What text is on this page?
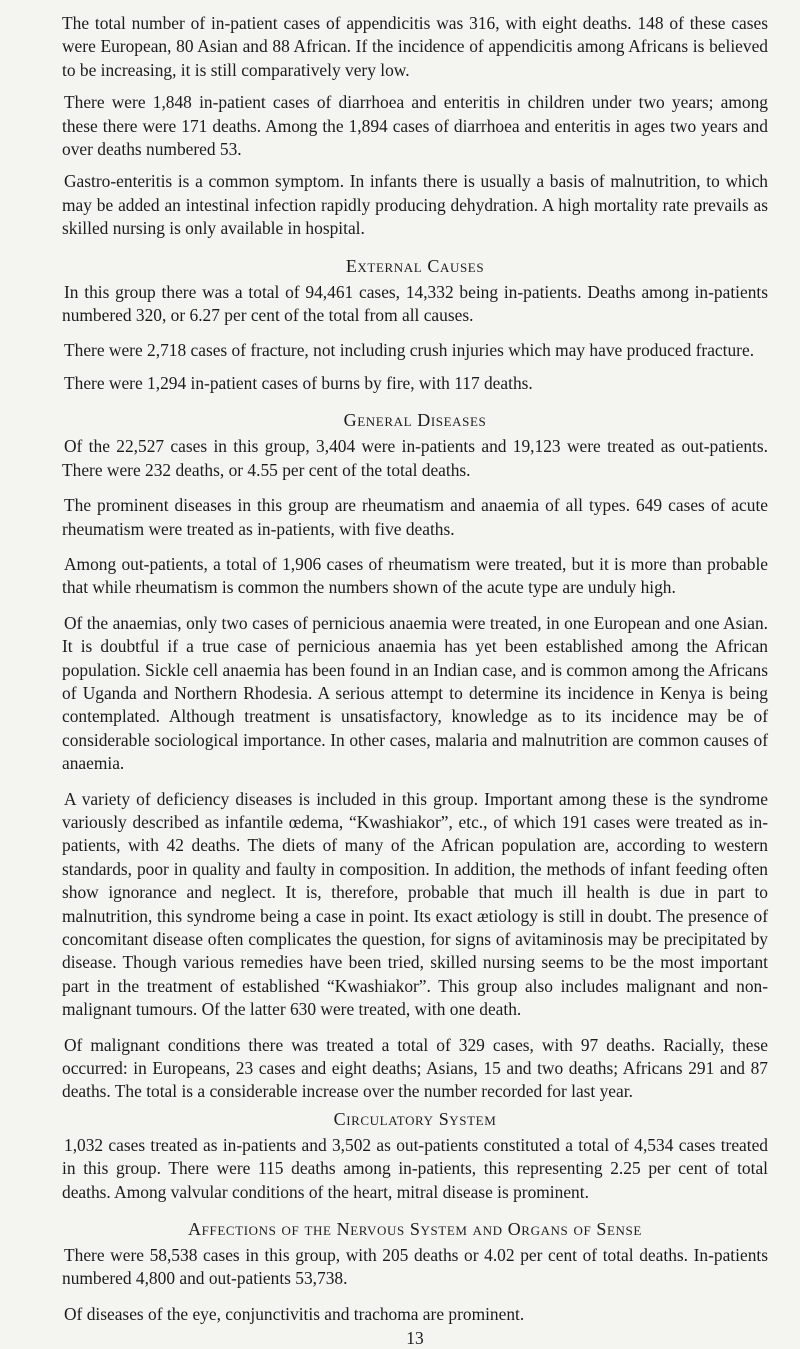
The total number of in-patient cases of appendicitis was 316, with eight deaths. 148 of these cases were European, 80 Asian and 88 African. If the incidence of appendicitis among Africans is believed to be increasing, it is still comparatively very low.

There were 1,848 in-patient cases of diarrhoea and enteritis in children under two years; among these there were 171 deaths. Among the 1,894 cases of diarrhoea and enteritis in ages two years and over deaths numbered 53.

Gastro-enteritis is a common symptom. In infants there is usually a basis of malnutrition, to which may be added an intestinal infection rapidly producing dehydration. A high mortality rate prevails as skilled nursing is only available in hospital.

External Causes

In this group there was a total of 94,461 cases, 14,332 being in-patients. Deaths among in-patients numbered 320, or 6.27 per cent of the total from all causes.

There were 2,718 cases of fracture, not including crush injuries which may have produced fracture.

There were 1,294 in-patient cases of burns by fire, with 117 deaths.

General Diseases

Of the 22,527 cases in this group, 3,404 were in-patients and 19,123 were treated as out-patients. There were 232 deaths, or 4.55 per cent of the total deaths.

The prominent diseases in this group are rheumatism and anaemia of all types. 649 cases of acute rheumatism were treated as in-patients, with five deaths.

Among out-patients, a total of 1,906 cases of rheumatism were treated, but it is more than probable that while rheumatism is common the numbers shown of the acute type are unduly high.

Of the anaemias, only two cases of pernicious anaemia were treated, in one European and one Asian. It is doubtful if a true case of pernicious anaemia has yet been established among the African population. Sickle cell anaemia has been found in an Indian case, and is common among the Africans of Uganda and Northern Rhodesia. A serious attempt to determine its incidence in Kenya is being contemplated. Although treatment is unsatisfactory, knowledge as to its incidence may be of considerable sociological importance. In other cases, malaria and malnutrition are common causes of anaemia.

A variety of deficiency diseases is included in this group. Important among these is the syndrome variously described as infantile œdema, “Kwashiakor”, etc., of which 191 cases were treated as in-patients, with 42 deaths. The diets of many of the African population are, according to western standards, poor in quality and faulty in composition. In addition, the methods of infant feeding often show ignorance and neglect. It is, therefore, probable that much ill health is due in part to malnutrition, this syndrome being a case in point. Its exact ætiology is still in doubt. The presence of concomitant disease often complicates the question, for signs of avitaminosis may be precipitated by disease. Though various remedies have been tried, skilled nursing seems to be the most important part in the treatment of established “Kwashiakor”. This group also includes malignant and non-malignant tumours. Of the latter 630 were treated, with one death.

Of malignant conditions there was treated a total of 329 cases, with 97 deaths. Racially, these occurred: in Europeans, 23 cases and eight deaths; Asians, 15 and two deaths; Africans 291 and 87 deaths. The total is a considerable increase over the number recorded for last year.

Circulatory System

1,032 cases treated as in-patients and 3,502 as out-patients constituted a total of 4,534 cases treated in this group. There were 115 deaths among in-patients, this representing 2.25 per cent of total deaths. Among valvular conditions of the heart, mitral disease is prominent.

Affections of the Nervous System and Organs of Sense

There were 58,538 cases in this group, with 205 deaths or 4.02 per cent of total deaths. In-patients numbered 4,800 and out-patients 53,738.

Of diseases of the eye, conjunctivitis and trachoma are prominent.

13
